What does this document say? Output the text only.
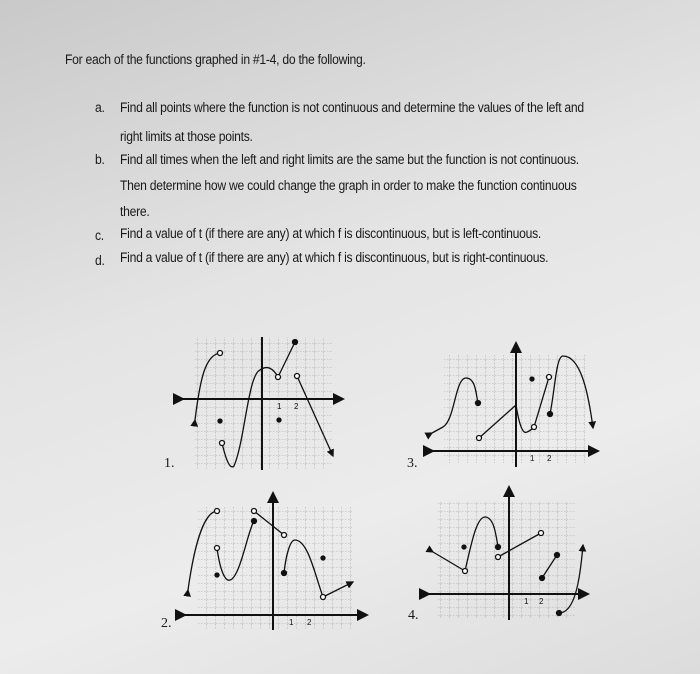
For each of the functions graphed in #1-4, do the following.
a. Find all points where the function is not continuous and determine the values of the left and
right limits at those points.
b. Find all times when the left and right limits are the same but the function is not continuous.
Then determine how we could change the graph in order to make the function continuous
there.
c. Find a value of t (if there are any) at which f is discontinuous, but is left-continuous.
d. Find a value of t (if there are any) at which f is discontinuous, but is right-continuous.
1.
2.
3.
4.
1 2
1 2
1 2
1 2
